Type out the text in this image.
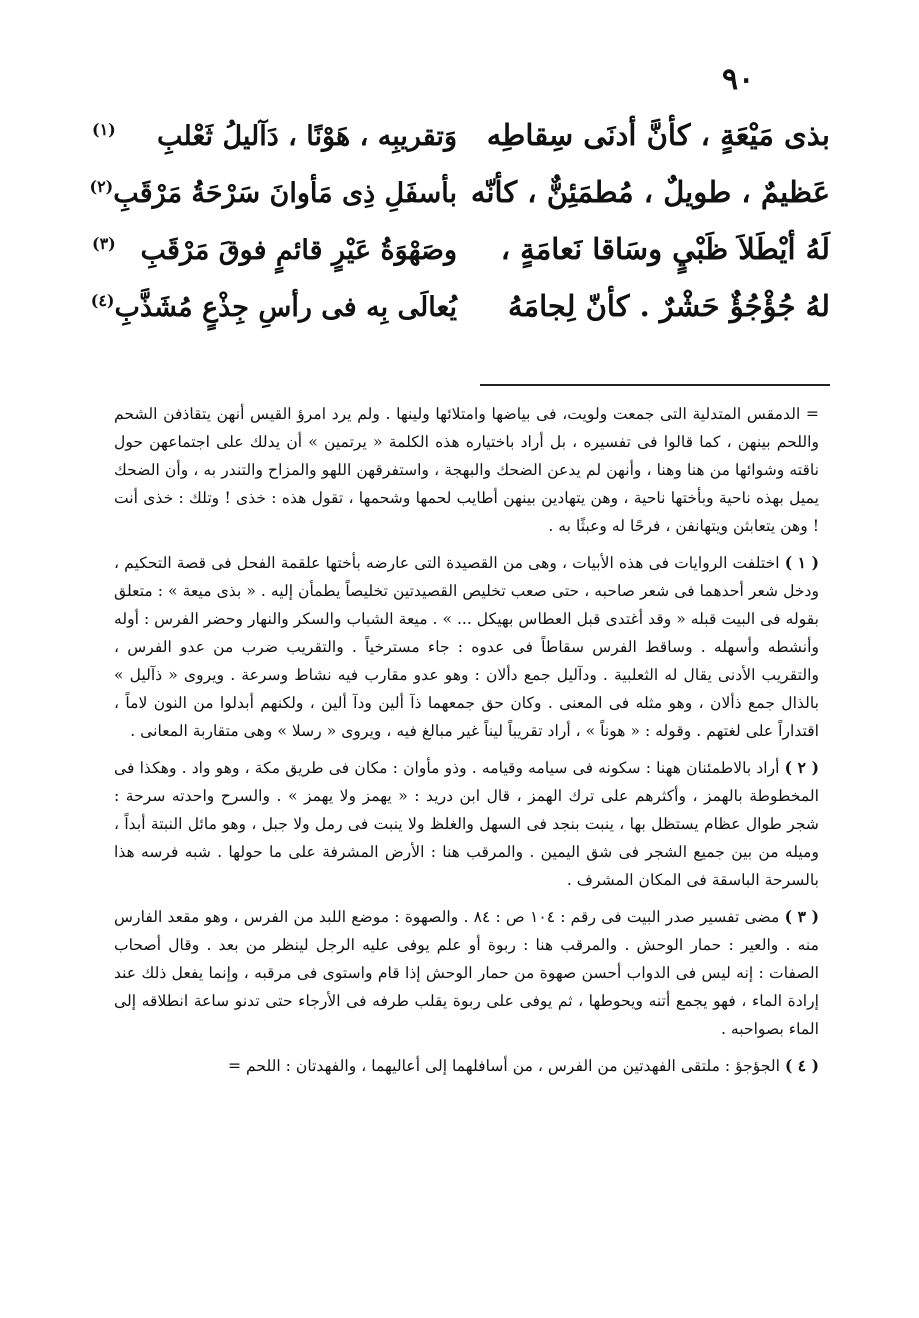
٩٠
بذى مَيْعَةٍ ، كأنَّ أدنَى سِقاطِه
وَتقريبِه ، هَوْنًا ، دَآليلُ ثَعْلبِ
(١)
عَظيمٌ ، طويلٌ ، مُطمَئِنٌّ ، كأنّه
بأسفَلِ ذِى مَأوانَ سَرْحَةُ مَرْقَبِ
(٢)
لَهُ أيْطَلاَ ظَبْيٍ وسَاقا نَعامَةٍ ،
وصَهْوَةُ عَيْرٍ قائمٍ فوقَ مَرْقَبِ
(٣)
لهُ جُؤْجُؤٌ حَشْرٌ . كأنّ لِجامَهُ
يُعالَى بِه فى رأسِ جِذْعٍ مُشَذَّبِ
(٤)

= الدمقس المتدلية التى جمعت ولويت، فى بياضها وامتلائها ولينها . ولم يرد امرؤ القيس أنهن يتقاذفن الشحم واللحم بينهن ، كما قالوا فى تفسيره ، بل أراد باختياره هذه الكلمة « يرتمين » أن يدلك على اجتماعهن حول ناقته وشوائها من هنا وهنا ، وأنهن لم يدعن الضحك والبهجة ، واستفرقهن اللهو والمزاح والتندر به ، وأن الضحك يميل بهذه ناحية وبأختها ناحية ، وهن يتهادين بينهن أطايب لحمها وشحمها ، تقول هذه : خذى ! وتلك : خذى أنت ! وهن يتعابثن ويتهانفن ، فرحًا له وعبثًا به .

( ١ ) اختلفت الروايات فى هذه الأبيات ، وهى من القصيدة التى عارضه بأختها علقمة الفحل فى قصة التحكيم ، ودخل شعر أحدهما فى شعر صاحبه ، حتى صعب تخليص القصيدتين تخليصاً يطمأن إليه . « بذى ميعة » : متعلق بقوله فى البيت قبله « وقد أغتدى قبل العطاس بهيكل ... » . ميعة الشباب والسكر والنهار وحضر الفرس : أوله وأنشطه وأسهله . وساقط الفرس سقاطاً فى عدوه : جاء مسترخياً . والتقريب ضرب من عدو الفرس ، والتقريب الأدنى يقال له الثعلبية . ودآليل جمع دألان : وهو عدو مقارب فيه نشاط وسرعة . ويروى « ذآليل » بالذال جمع ذألان ، وهو مثله فى المعنى . وكان حق جمعهما ذآ ألين ودآ ألين ، ولكنهم أبدلوا من النون لاماً ، اقتداراً على لغتهم . وقوله : « هوناً » ، أراد تقريباً ليناً غير مبالغ فيه ، ويروى « رسلا » وهى متقاربة المعانى .

( ٢ ) أراد بالاطمئنان ههنا : سكونه فى سيامه وقيامه . وذو مأوان : مكان فى طريق مكة ، وهو واد . وهكذا فى المخطوطة بالهمز ، وأكثرهم على ترك الهمز ، قال ابن دريد : « يهمز ولا يهمز » . والسرح واحدته سرحة : شجر طوال عظام يستظل بها ، ينبت بنجد فى السهل والغلظ ولا ينبت فى رمل ولا جبل ، وهو مائل النبتة أبداً ، وميله من بين جميع الشجر فى شق اليمين . والمرقب هنا : الأرض المشرفة على ما حولها . شبه فرسه هذا بالسرحة الباسقة فى المكان المشرف .

( ٣ ) مضى تفسير صدر البيت فى رقم : ١٠٤ ص : ٨٤ . والصهوة : موضع اللبد من الفرس ، وهو مقعد الفارس منه . والعير : حمار الوحش . والمرقب هنا : ربوة أو علم يوفى عليه الرجل لينظر من بعد . وقال أصحاب الصفات : إنه ليس فى الدواب أحسن صهوة من حمار الوحش إذا قام واستوى فى مرقبه ، وإنما يفعل ذلك عند إرادة الماء ، فهو يجمع أتنه ويحوطها ، ثم يوفى على ربوة يقلب طرفه فى الأرجاء حتى تدنو ساعة انطلاقه إلى الماء بصواحبه .

( ٤ ) الجؤجؤ : ملتقى الفهدتين من الفرس ، من أسافلهما إلى أعاليهما ، والفهدتان : اللحم =
